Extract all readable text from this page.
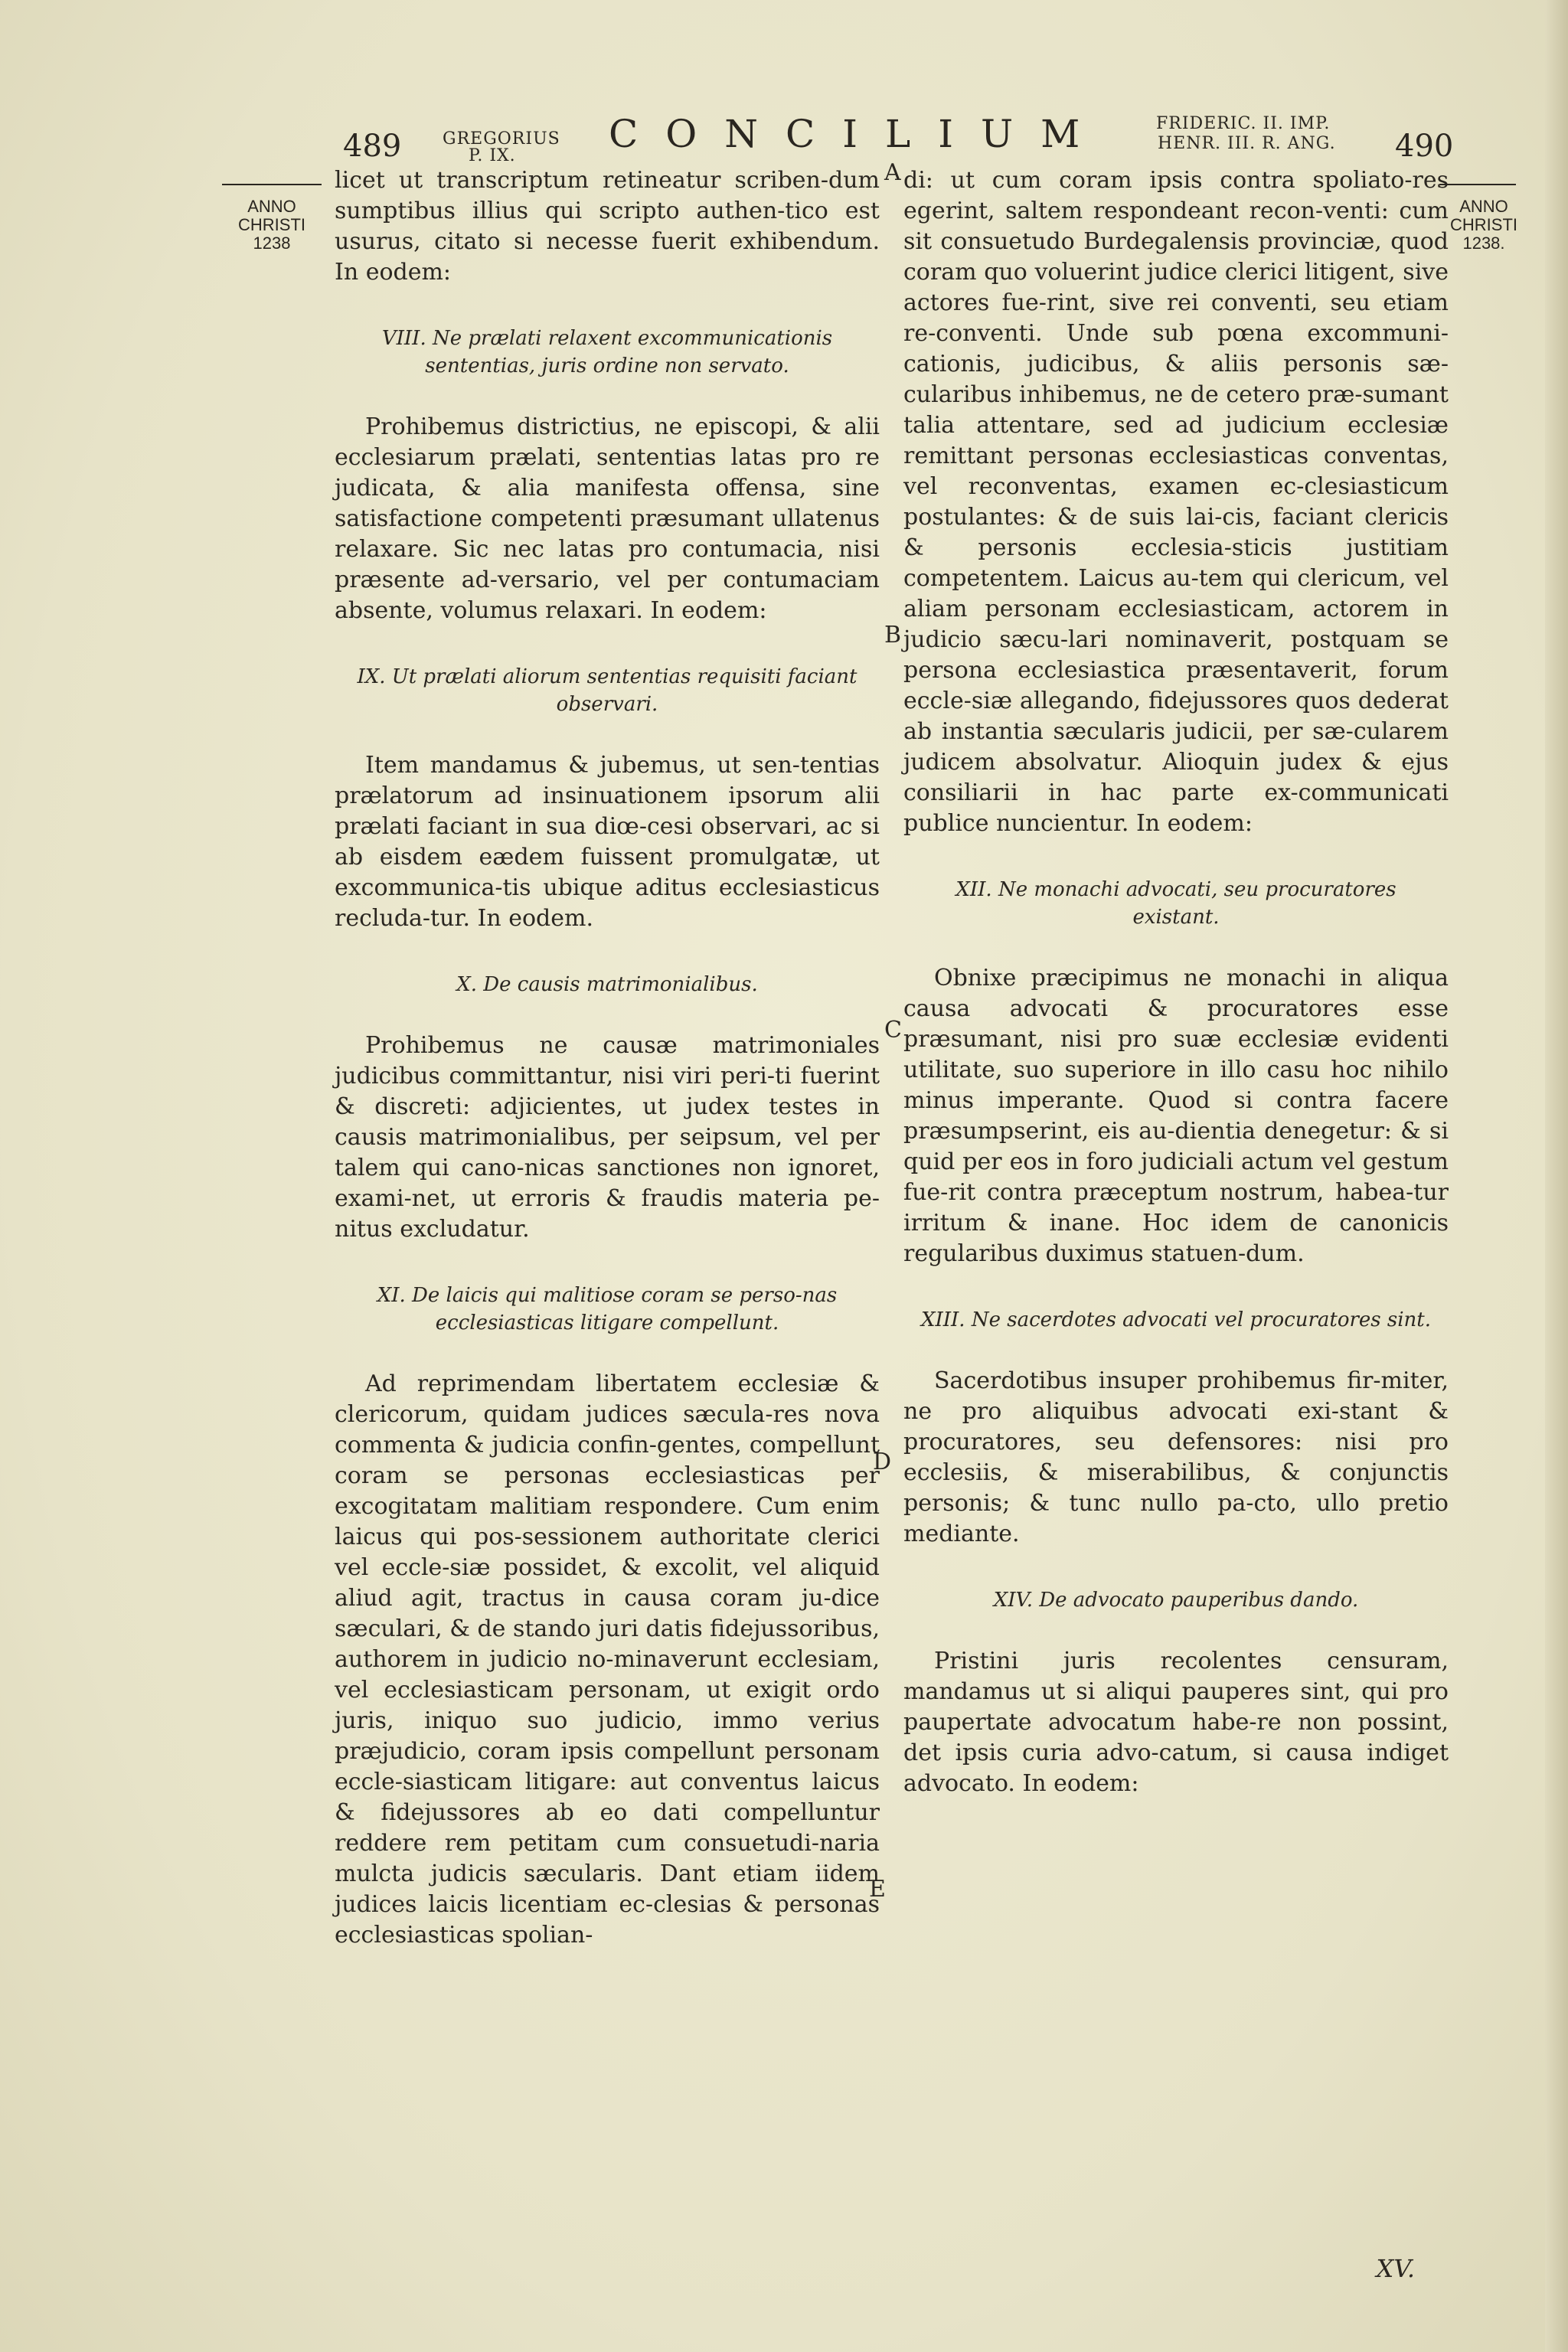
489 GREGORIUS
P. IX. CONCILIUM	FRIDERIC. II. IMP.
HENR. III. R. ANG. 490
ANNO
CHRISTI
1238
ANNO
CHRISTI
1238.
A
B
C
D
E

licet ut transcriptum retineatur scriben-dum sumptibus illius qui scripto authen-tico est usurus, citato si necesse fuerit exhibendum. In eodem:

VIII. Ne prælati relaxent excommunicationis sententias, juris ordine non servato.

Prohibemus districtius, ne episcopi, & alii ecclesiarum prælati, sententias latas pro re judicata, & alia manifesta offensa, sine satisfactione competenti præsumant ullatenus relaxare. Sic nec latas pro contumacia, nisi præsente ad-versario, vel per contumaciam absente, volumus relaxari. In eodem:

IX. Ut prælati aliorum sententias requisiti faciant observari.

Item mandamus & jubemus, ut sen-tentias prælatorum ad insinuationem ipsorum alii prælati faciant in sua diœ-cesi observari, ac si ab eisdem eædem fuissent promulgatæ, ut excommunica-tis ubique aditus ecclesiasticus recluda-tur. In eodem.

X. De causis matrimonialibus.

Prohibemus ne causæ matrimoniales judicibus committantur, nisi viri peri-ti fuerint & discreti: adjicientes, ut judex testes in causis matrimonialibus, per seipsum, vel per talem qui cano-nicas sanctiones non ignoret, exami-net, ut erroris & fraudis materia pe-nitus excludatur.

XI. De laicis qui malitiose coram se perso-nas ecclesiasticas litigare compellunt.

Ad reprimendam libertatem ecclesiæ & clericorum, quidam judices sæcula-res nova commenta & judicia confin-gentes, compellunt coram se personas ecclesiasticas per excogitatam malitiam respondere. Cum enim laicus qui pos-sessionem authoritate clerici vel eccle-siæ possidet, & excolit, vel aliquid aliud agit, tractus in causa coram ju-dice sæculari, & de stando juri datis fidejussoribus, authorem in judicio no-minaverunt ecclesiam, vel ecclesiasticam personam, ut exigit ordo juris, iniquo suo judicio, immo verius præjudicio, coram ipsis compellunt personam eccle-siasticam litigare: aut conventus laicus & fidejussores ab eo dati compelluntur reddere rem petitam cum consuetudi-naria mulcta judicis sæcularis. Dant etiam iidem judices laicis licentiam ec-clesias & personas ecclesiasticas spolian-

di: ut cum coram ipsis contra spoliato-res egerint, saltem respondeant recon-venti: cum sit consuetudo Burdegalensis provinciæ, quod coram quo voluerint judice clerici litigent, sive actores fue-rint, sive rei conventi, seu etiam re-conventi. Unde sub pœna excommuni-cationis, judicibus, & aliis personis sæ-cularibus inhibemus, ne de cetero præ-sumant talia attentare, sed ad judicium ecclesiæ remittant personas ecclesiasticas conventas, vel reconventas, examen ec-clesiasticum postulantes: & de suis lai-cis, faciant clericis & personis ecclesia-sticis justitiam competentem. Laicus au-tem qui clericum, vel aliam personam ecclesiasticam, actorem in judicio sæcu-lari nominaverit, postquam se persona ecclesiastica præsentaverit, forum eccle-siæ allegando, fidejussores quos dederat ab instantia sæcularis judicii, per sæ-cularem judicem absolvatur. Alioquin judex & ejus consiliarii in hac parte ex-communicati publice nuncientur. In eodem:

XII. Ne monachi advocati, seu procuratores existant.

Obnixe præcipimus ne monachi in aliqua causa advocati & procuratores esse præsumant, nisi pro suæ ecclesiæ evidenti utilitate, suo superiore in illo casu hoc nihilo minus imperante. Quod si contra facere præsumpserint, eis au-dientia denegetur: & si quid per eos in foro judiciali actum vel gestum fue-rit contra præceptum nostrum, habea-tur irritum & inane. Hoc idem de canonicis regularibus duximus statuen-dum.

XIII. Ne sacerdotes advocati vel procuratores sint.

Sacerdotibus insuper prohibemus fir-miter, ne pro aliquibus advocati exi-stant & procuratores, seu defensores: nisi pro ecclesiis, & miserabilibus, & conjunctis personis; & tunc nullo pa-cto, ullo pretio mediante.

XIV. De advocato pauperibus dando.

Pristini juris recolentes censuram, mandamus ut si aliqui pauperes sint, qui pro paupertate advocatum habe-re non possint, det ipsis curia advo-catum, si causa indiget advocato. In eodem:

XV.
